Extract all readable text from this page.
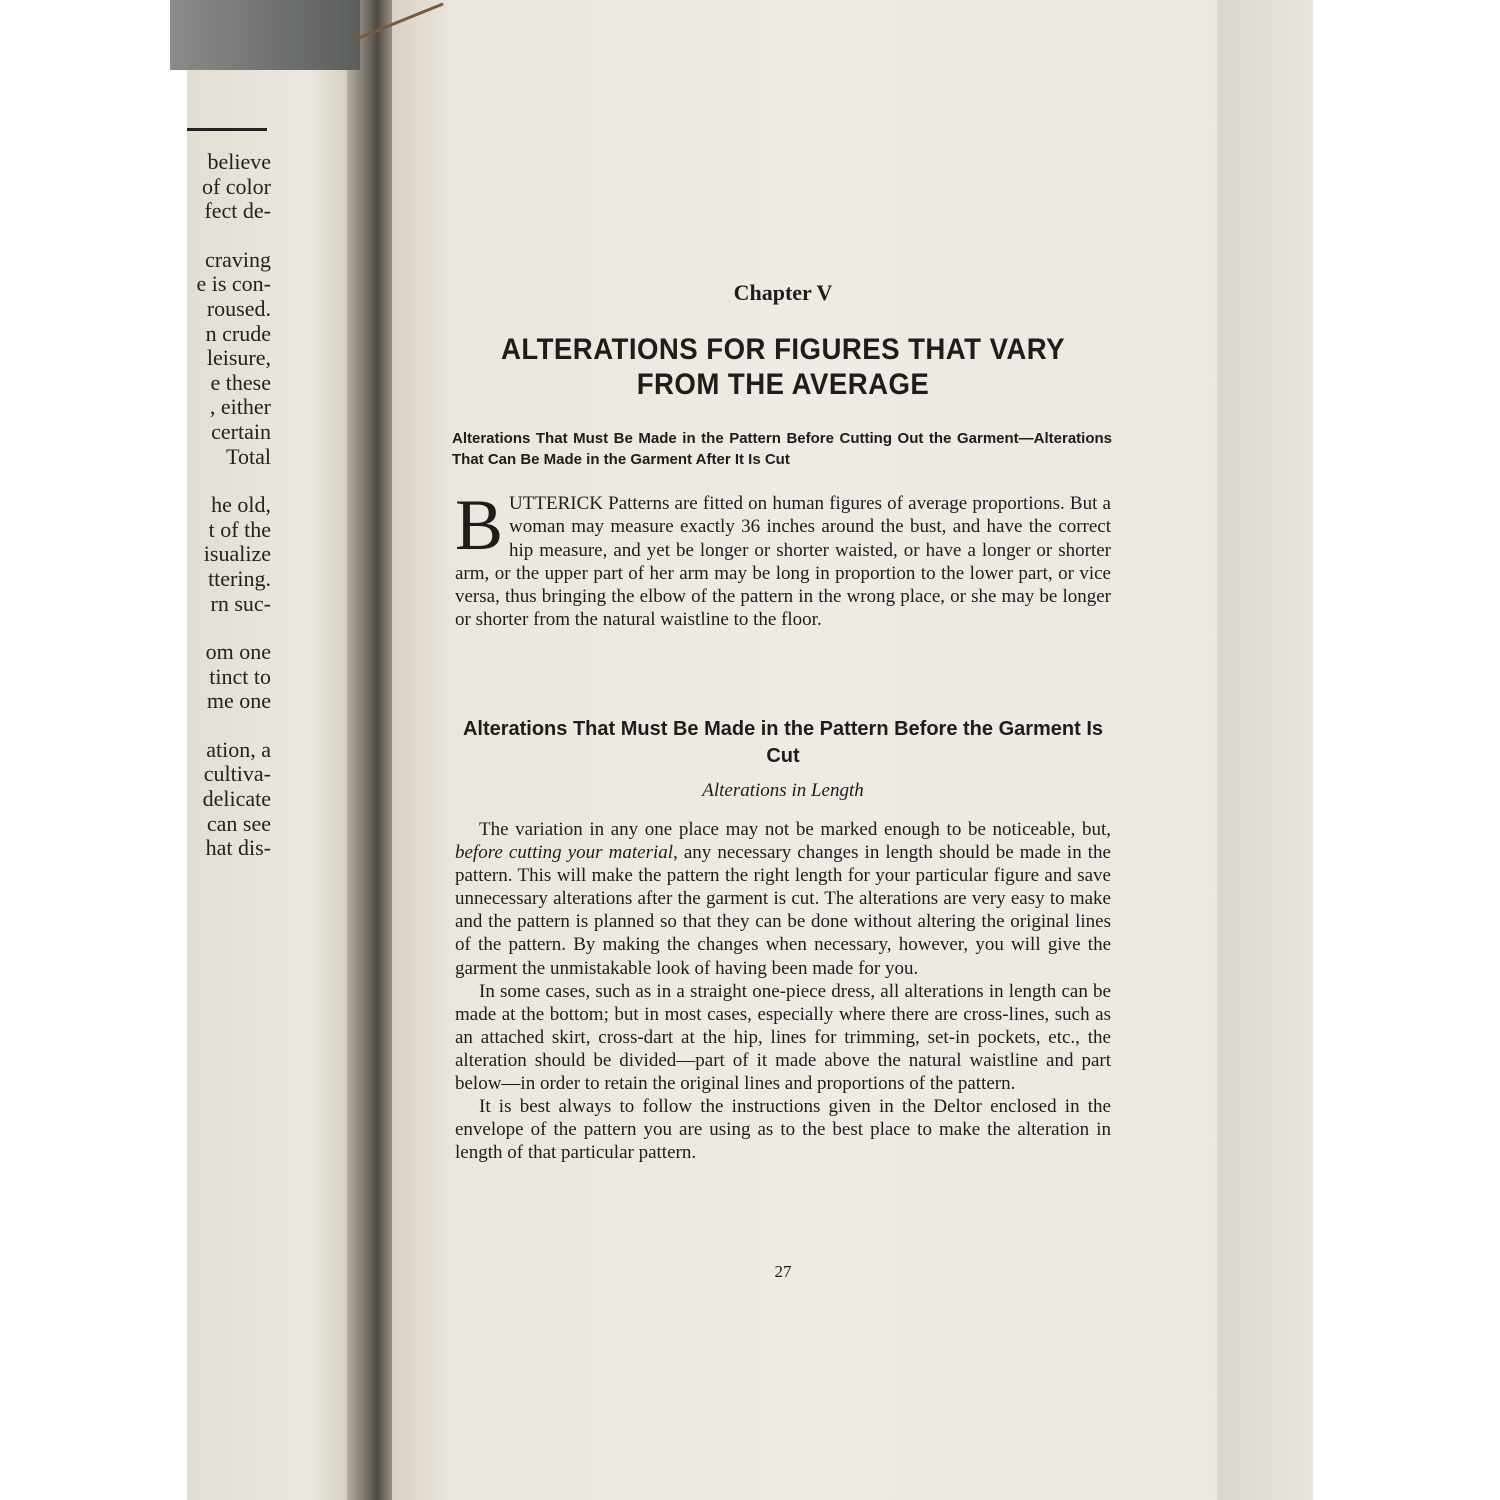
believe
of color
fect de-
craving
e is con-
roused.
n crude
leisure,
e these
, either
certain
Total
he old,
t of the
isualize
ttering.
rn suc-
om one
tinct to
me one
ation, a
cultiva-
delicate
can see
hat dis-
Chapter V
ALTERATIONS FOR FIGURES THAT VARY FROM THE AVERAGE
Alterations That Must Be Made in the Pattern Before Cutting Out the Garment—Alterations That Can Be Made in the Garment After It Is Cut
BUTTERICK Patterns are fitted on human figures of average proportions. But a woman may measure exactly 36 inches around the bust, and have the correct hip measure, and yet be longer or shorter waisted, or have a longer or shorter arm, or the upper part of her arm may be long in proportion to the lower part, or vice versa, thus bringing the elbow of the pattern in the wrong place, or she may be longer or shorter from the natural waistline to the floor.
Alterations That Must Be Made in the Pattern Before the Garment Is Cut
Alterations in Length

The variation in any one place may not be marked enough to be noticeable, but, before cutting your material, any necessary changes in length should be made in the pattern. This will make the pattern the right length for your particular figure and save unnecessary alterations after the garment is cut. The alterations are very easy to make and the pattern is planned so that they can be done without altering the original lines of the pattern. By making the changes when necessary, however, you will give the garment the unmistakable look of having been made for you.

In some cases, such as in a straight one-piece dress, all alterations in length can be made at the bottom; but in most cases, especially where there are cross-lines, such as an attached skirt, cross-dart at the hip, lines for trimming, set-in pockets, etc., the alteration should be divided—part of it made above the natural waistline and part below—in order to retain the original lines and proportions of the pattern.

It is best always to follow the instructions given in the Deltor enclosed in the envelope of the pattern you are using as to the best place to make the alteration in length of that particular pattern.

27
